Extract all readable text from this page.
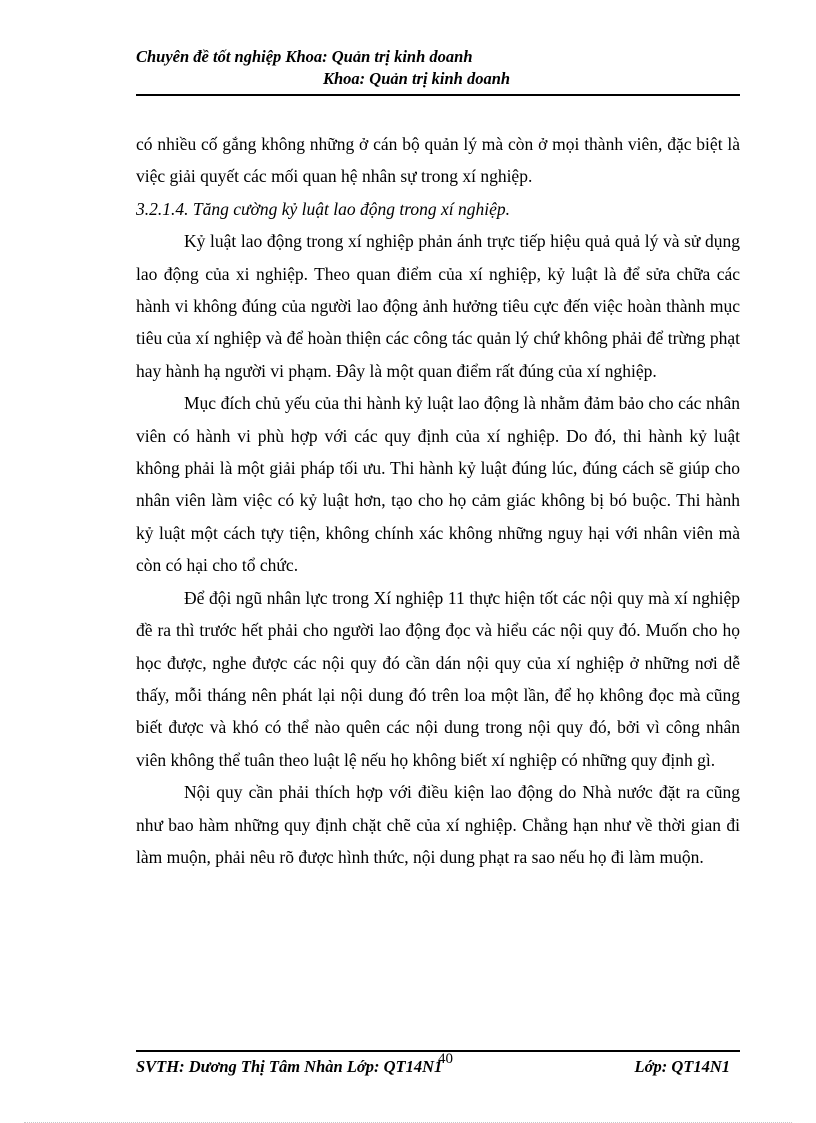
Chuyên đề tốt nghiệp Khoa: Quản trị kinh doanh
Khoa: Quản trị kinh doanh

có nhiều cố gắng không những ở cán bộ quản lý mà còn ở mọi thành viên, đặc biệt là việc giải quyết các mối quan hệ nhân sự trong xí nghiệp.

3.2.1.4. Tăng cường kỷ luật lao động trong xí nghiệp.

Kỷ luật lao động trong xí nghiệp phản ánh trực tiếp hiệu quả quả lý và sử dụng lao động của xi nghiệp. Theo quan điểm của xí nghiệp, kỷ luật là để sửa chữa các hành vi không đúng của người lao động ảnh hưởng tiêu cực đến việc hoàn thành mục tiêu của xí nghiệp và để hoàn thiện các công tác quản lý chứ không phải để trừng phạt hay hành hạ người vi phạm. Đây là một quan điểm rất đúng của xí nghiệp.

Mục đích chủ yếu của thi hành kỷ luật lao động là nhằm đảm bảo cho các nhân viên có hành vi phù hợp với các quy định của xí nghiệp. Do đó, thi hành kỷ luật không phải là một giải pháp tối ưu. Thi hành kỷ luật đúng lúc, đúng cách sẽ giúp cho nhân viên làm việc có kỷ luật hơn, tạo cho họ cảm giác không bị bó buộc. Thi hành kỷ luật một cách tựy tiện, không chính xác không những nguy hại với nhân viên mà còn có hại cho tổ chức.

Để đội ngũ nhân lực trong Xí nghiệp 11 thực hiện tốt các nội quy mà xí nghiệp đề ra thì trước hết phải cho người lao động đọc và hiểu các nội quy đó. Muốn cho họ học được, nghe được các nội quy đó cần dán nội quy của xí nghiệp ở những nơi dễ thấy, mỗi tháng nên phát lại nội dung đó trên loa một lần, để họ không đọc mà cũng biết được và khó có thể nào quên các nội dung trong nội quy đó, bởi vì công nhân viên không thể tuân theo luật lệ nếu họ không biết xí nghiệp có những quy định gì.

Nội quy cần phải thích hợp với điều kiện lao động do Nhà nước đặt ra cũng như bao hàm những quy định chặt chẽ của xí nghiệp. Chẳng hạn như về thời gian đi làm muộn, phải nêu rõ được hình thức, nội dung phạt ra sao nếu họ đi làm muộn.

SVTH: Dương Thị Tâm Nhàn Lớp: QT14N1
40	Lớp: QT14N1
